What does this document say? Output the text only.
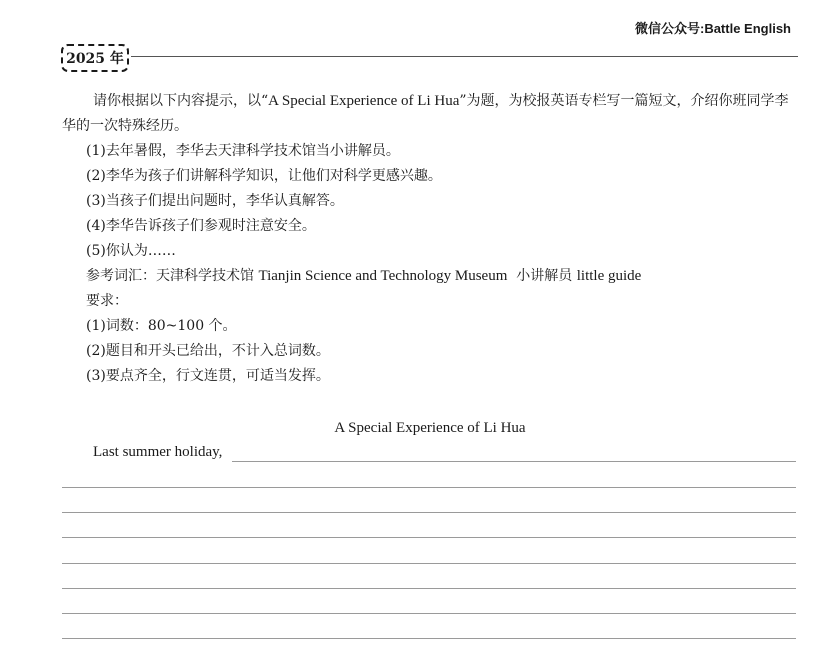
微信公众号:Battle English
2025 年

请你根据以下内容提示，以“A Special Experience of Li Hua”为题，为校报英语专栏写一篇短文，介绍你班同学李华的一次特殊经历。

(1)去年暑假，李华去天津科学技术馆当小讲解员。

(2)李华为孩子们讲解科学知识，让他们对科学更感兴趣。

(3)当孩子们提出问题时，李华认真解答。

(4)李华告诉孩子们参观时注意安全。

(5)你认为……

参考词汇：天津科学技术馆 Tianjin Science and Technology Museum  小讲解员 little guide

要求：

(1)词数：80~100 个。

(2)题目和开头已给出，不计入总词数。

(3)要点齐全，行文连贯，可适当发挥。

A Special Experience of Li Hua
Last summer holiday,
